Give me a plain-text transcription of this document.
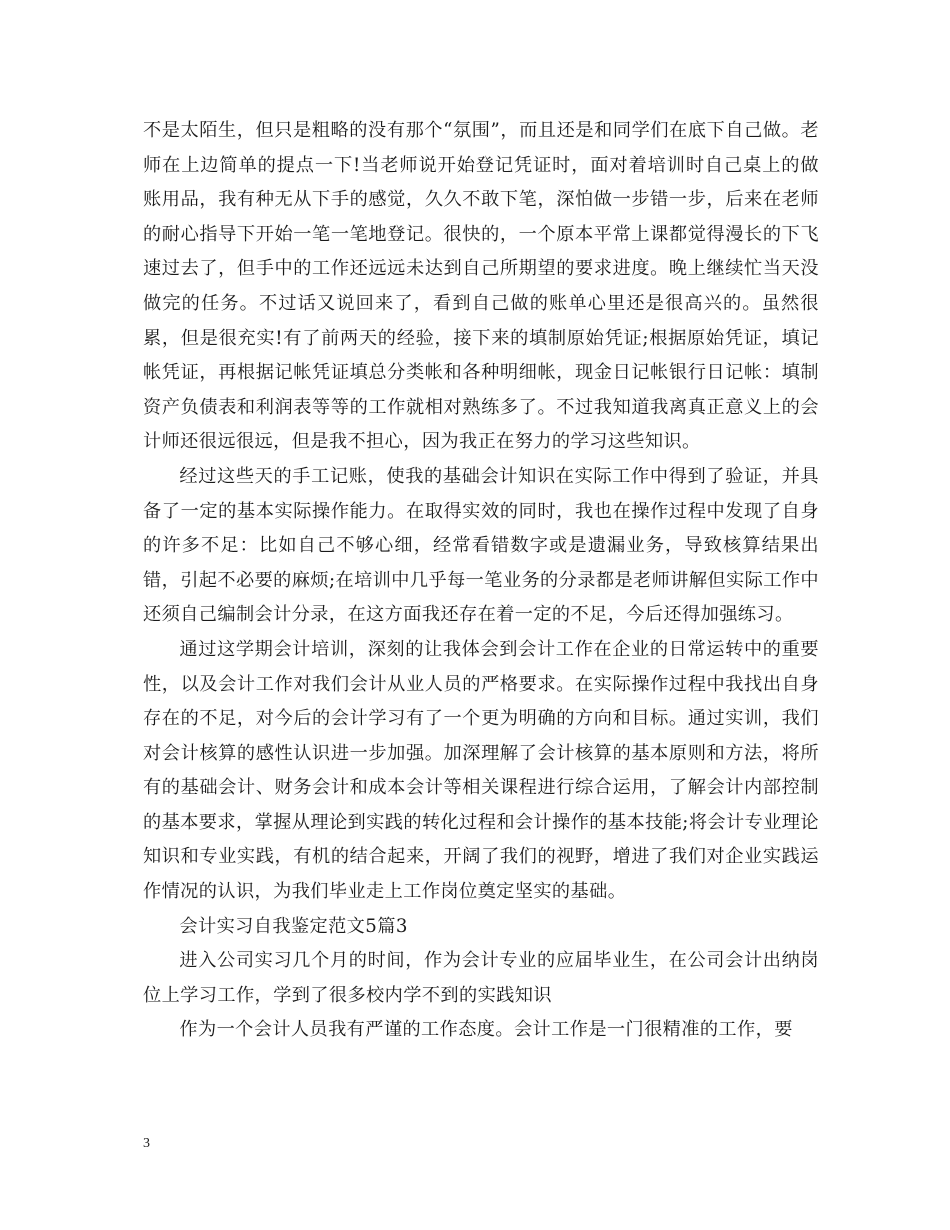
不是太陌生，但只是粗略的没有那个“氛围”，而且还是和同学们在底下自己做。老师在上边简单的提点一下!当老师说开始登记凭证时，面对着培训时自己桌上的做账用品，我有种无从下手的感觉，久久不敢下笔，深怕做一步错一步，后来在老师的耐心指导下开始一笔一笔地登记。很快的，一个原本平常上课都觉得漫长的下飞速过去了，但手中的工作还远远未达到自己所期望的要求进度。晚上继续忙当天没做完的任务。不过话又说回来了，看到自己做的账单心里还是很高兴的。虽然很累，但是很充实!有了前两天的经验，接下来的填制原始凭证;根据原始凭证，填记帐凭证，再根据记帐凭证填总分类帐和各种明细帐，现金日记帐银行日记帐：填制资产负债表和利润表等等的工作就相对熟练多了。不过我知道我离真正意义上的会计师还很远很远，但是我不担心，因为我正在努力的学习这些知识。

经过这些天的手工记账，使我的基础会计知识在实际工作中得到了验证，并具备了一定的基本实际操作能力。在取得实效的同时，我也在操作过程中发现了自身的许多不足：比如自己不够心细，经常看错数字或是遗漏业务，导致核算结果出错，引起不必要的麻烦;在培训中几乎每一笔业务的分录都是老师讲解但实际工作中还须自己编制会计分录，在这方面我还存在着一定的不足，今后还得加强练习。

通过这学期会计培训，深刻的让我体会到会计工作在企业的日常运转中的重要性，以及会计工作对我们会计从业人员的严格要求。在实际操作过程中我找出自身存在的不足，对今后的会计学习有了一个更为明确的方向和目标。通过实训，我们对会计核算的感性认识进一步加强。加深理解了会计核算的基本原则和方法，将所有的基础会计、财务会计和成本会计等相关课程进行综合运用，了解会计内部控制的基本要求，掌握从理论到实践的转化过程和会计操作的基本技能;将会计专业理论知识和专业实践，有机的结合起来，开阔了我们的视野，增进了我们对企业实践运作情况的认识，为我们毕业走上工作岗位奠定坚实的基础。

会计实习自我鉴定范文5篇3

进入公司实习几个月的时间，作为会计专业的应届毕业生，在公司会计出纳岗位上学习工作，学到了很多校内学不到的实践知识

作为一个会计人员我有严谨的工作态度。会计工作是一门很精准的工作，要

3
